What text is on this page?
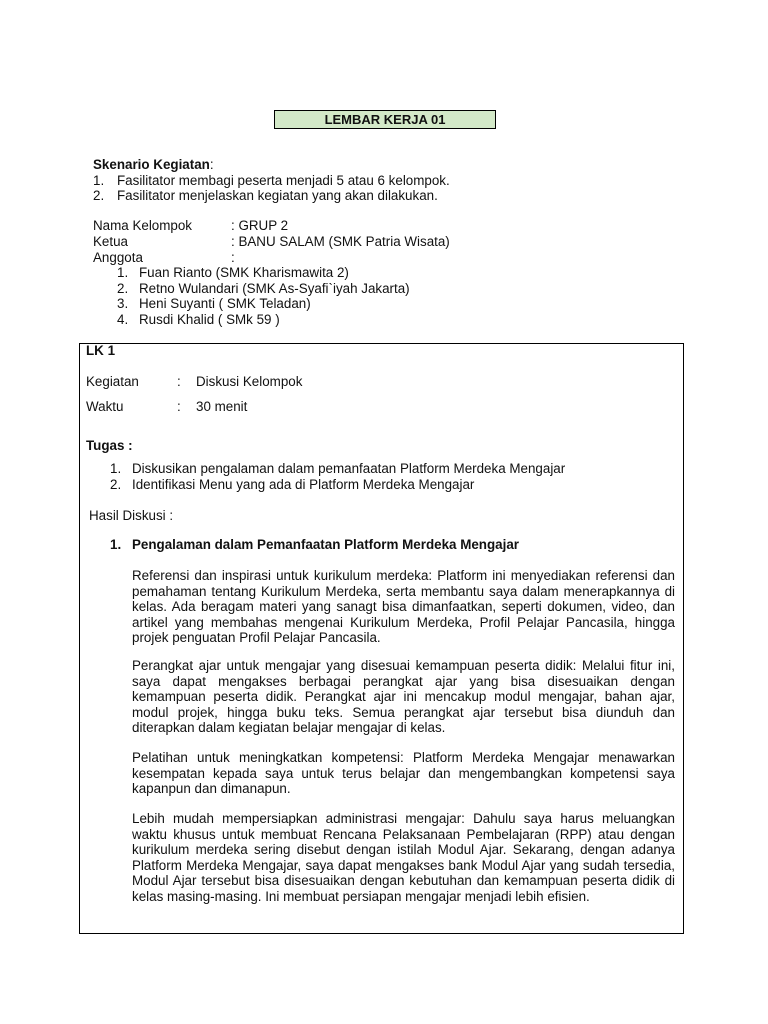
LEMBAR KERJA 01
Skenario Kegiatan:
1. Fasilitator membagi peserta menjadi 5 atau 6 kelompok.
2. Fasilitator menjelaskan kegiatan yang akan dilakukan.
Nama Kelompok	: GRUP 2
Ketua	: BANU SALAM (SMK Patria Wisata)
Anggota	:
1. Fuan Rianto (SMK Kharismawita 2)
2. Retno Wulandari (SMK As-Syafi`iyah Jakarta)
3. Heni Suyanti ( SMK Teladan)
4. Rusdi Khalid ( SMk 59 )
LK 1
Kegiatan	: Diskusi Kelompok
Waktu	: 30 menit
Tugas :
1. Diskusikan pengalaman dalam pemanfaatan Platform Merdeka Mengajar
2. Identifikasi Menu yang ada di Platform Merdeka Mengajar
Hasil Diskusi :
1. Pengalaman dalam Pemanfaatan Platform Merdeka Mengajar
Referensi dan inspirasi untuk kurikulum merdeka: Platform ini menyediakan referensi dan pemahaman tentang Kurikulum Merdeka, serta membantu saya dalam menerapkannya di kelas. Ada beragam materi yang sanagt bisa dimanfaatkan, seperti dokumen, video, dan artikel yang membahas mengenai Kurikulum Merdeka, Profil Pelajar Pancasila, hingga projek penguatan Profil Pelajar Pancasila.
Perangkat ajar untuk mengajar yang disesuai kemampuan peserta didik: Melalui fitur ini, saya dapat mengakses berbagai perangkat ajar yang bisa disesuaikan dengan kemampuan peserta didik. Perangkat ajar ini mencakup modul mengajar, bahan ajar, modul projek, hingga buku teks. Semua perangkat ajar tersebut bisa diunduh dan diterapkan dalam kegiatan belajar mengajar di kelas.
Pelatihan untuk meningkatkan kompetensi: Platform Merdeka Mengajar menawarkan kesempatan kepada saya untuk terus belajar dan mengembangkan kompetensi saya kapanpun dan dimanapun.
Lebih mudah mempersiapkan administrasi mengajar: Dahulu saya harus meluangkan waktu khusus untuk membuat Rencana Pelaksanaan Pembelajaran (RPP) atau dengan kurikulum merdeka sering disebut dengan istilah Modul Ajar. Sekarang, dengan adanya Platform Merdeka Mengajar, saya dapat mengakses bank Modul Ajar yang sudah tersedia, Modul Ajar tersebut bisa disesuaikan dengan kebutuhan dan kemampuan peserta didik di kelas masing-masing. Ini membuat persiapan mengajar menjadi lebih efisien.
